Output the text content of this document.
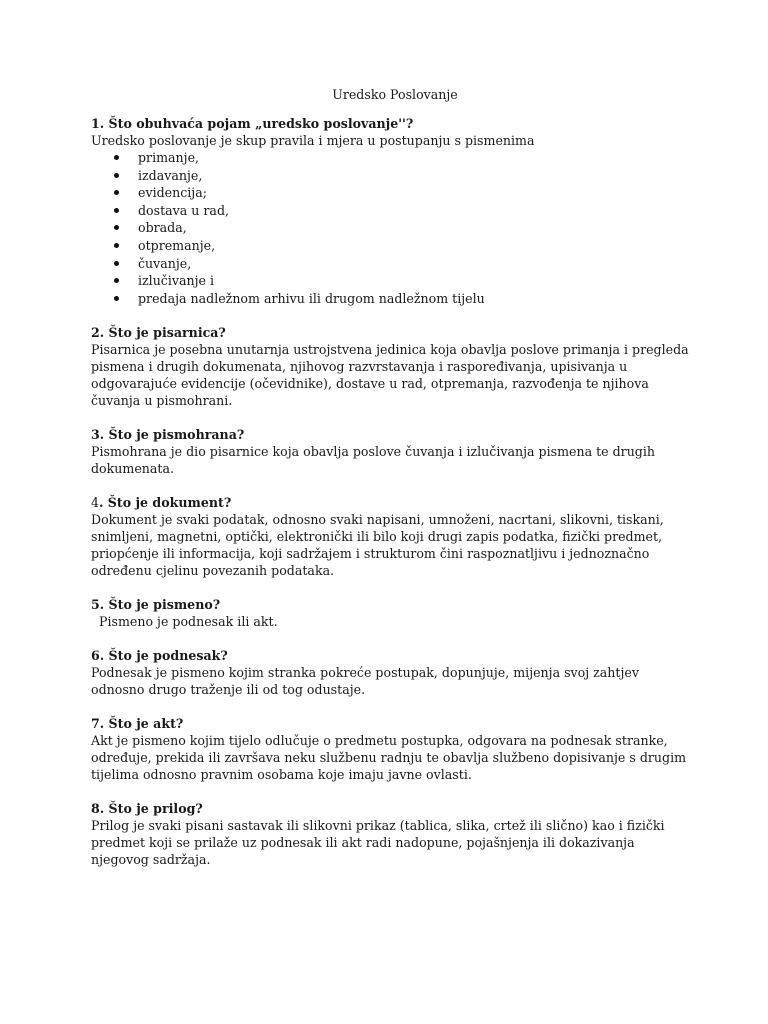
Uredsko Poslovanje

1. Što obuhvaća pojam „uredsko poslovanje''?

Uredsko poslovanje je skup pravila i mjera u postupanju s pismenima

primanje,
izdavanje,
evidencija;
dostava u rad,
obrada,
otpremanje,
čuvanje,
izlučivanje i
predaja nadležnom arhivu ili drugom nadležnom tijelu

2. Što je pisarnica?

Pisarnica je posebna unutarnja ustrojstvena jedinica koja obavlja poslove primanja i pregleda pismena i drugih dokumenata, njihovog razvrstavanja i raspoređivanja, upisivanja u odgovarajuće evidencije (očevidnike), dostave u rad, otpremanja, razvođenja te njihova čuvanja u pismohrani.

3. Što je pismohrana?

Pismohrana je dio pisarnice koja obavlja poslove čuvanja i izlučivanja pismena te drugih dokumenata.

4. Što je dokument?

Dokument je svaki podatak, odnosno svaki napisani, umnoženi, nacrtani, slikovni, tiskani, snimljeni, magnetni, optički, elektronički ili bilo koji drugi zapis podatka, fizički predmet, priopćenje ili informacija, koji sadržajem i strukturom čini raspoznatljivu i jednoznačno određenu cjelinu povezanih podataka.

5. Što je pismeno?

Pismeno je podnesak ili akt.

6. Što je podnesak?

Podnesak je pismeno kojim stranka pokreće postupak, dopunjuje, mijenja svoj zahtjev odnosno drugo traženje ili od tog odustaje.

7. Što je akt?

Akt je pismeno kojim tijelo odlučuje o predmetu postupka, odgovara na podnesak stranke, određuje, prekida ili završava neku službenu radnju te obavlja službeno dopisivanje s drugim tijelima odnosno pravnim osobama koje imaju javne ovlasti.

8. Što je prilog?

Prilog je svaki pisani sastavak ili slikovni prikaz (tablica, slika, crtež ili slično) kao i fizički predmet koji se prilaže uz podnesak ili akt radi nadopune, pojašnjenja ili dokazivanja njegovog sadržaja.
